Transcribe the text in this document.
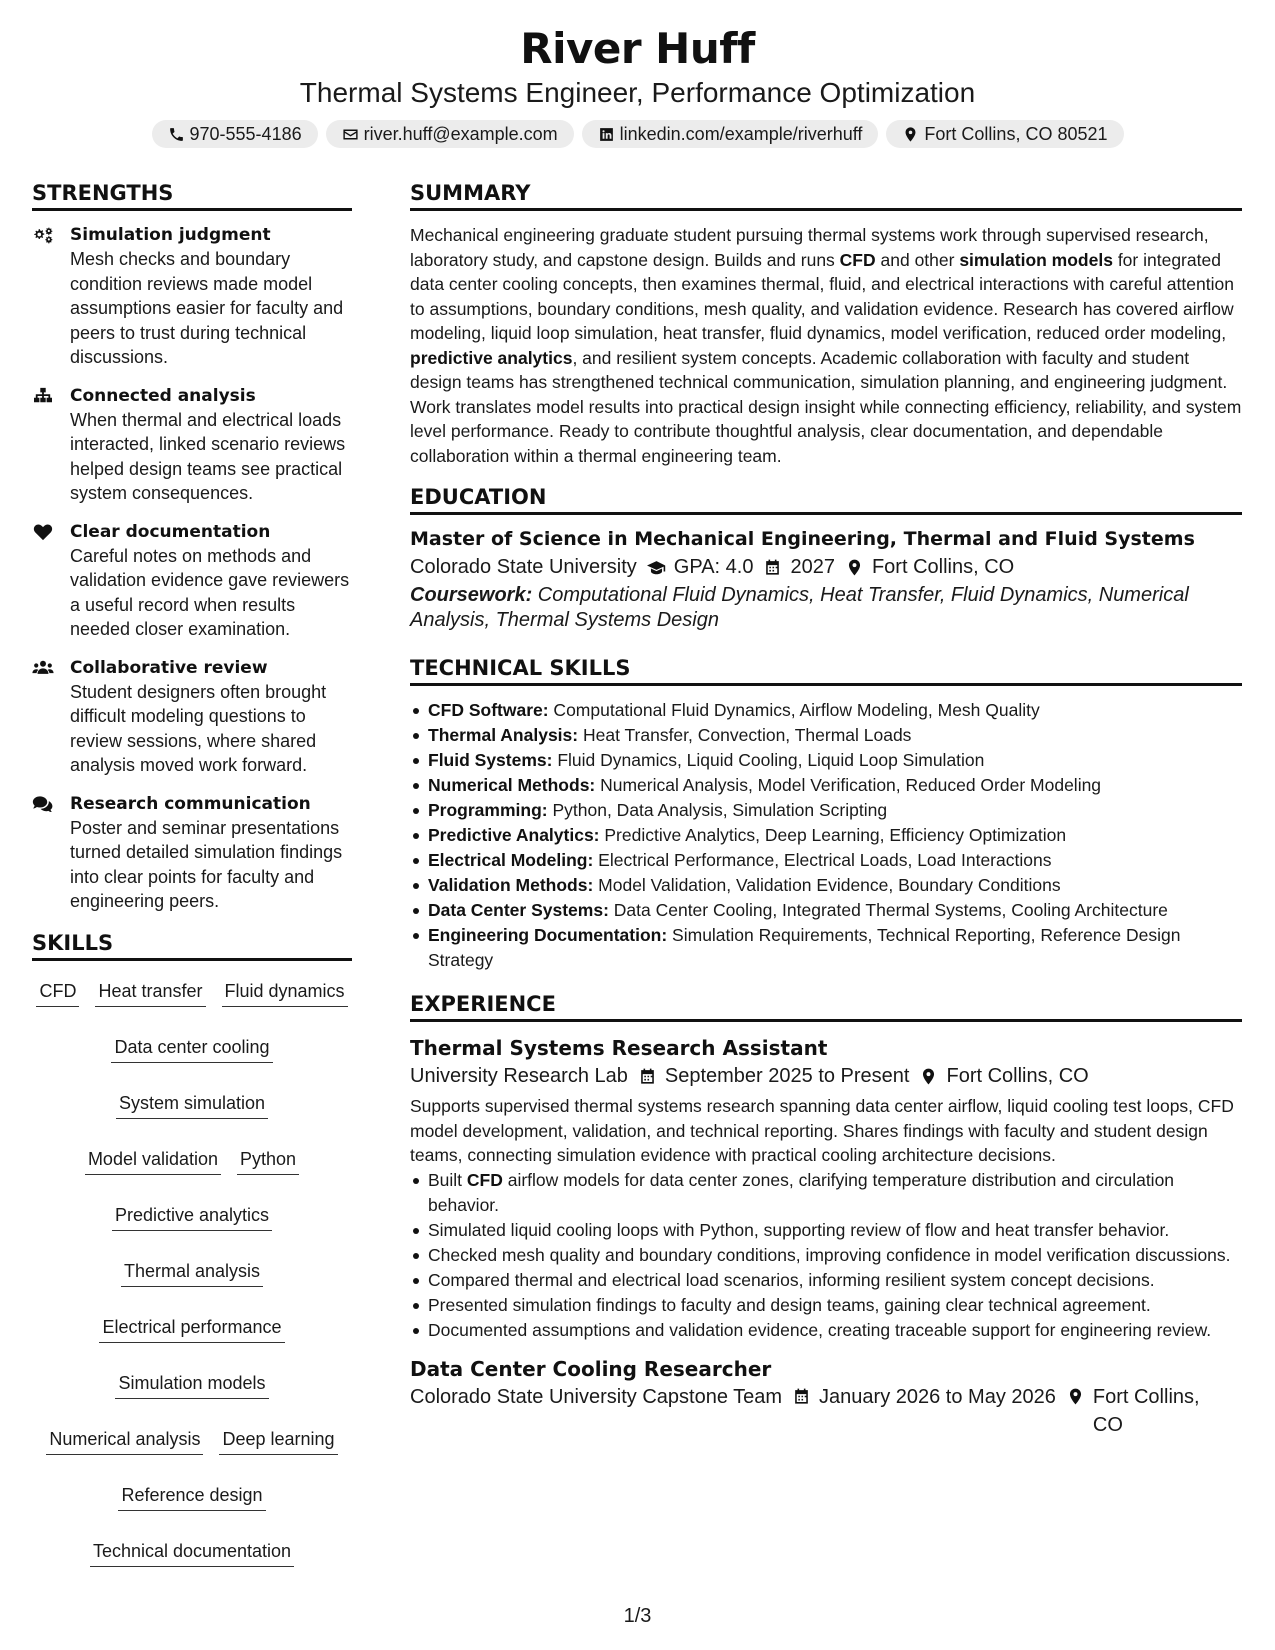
River Huff
Thermal Systems Engineer, Performance Optimization
970-555-4186	river.huff@example.com	linkedin.com/example/riverhuff	Fort Collins, CO 80521
STRENGTHS
Simulation judgment
Mesh checks and boundary condition reviews made model assumptions easier for faculty and peers to trust during technical discussions.
Connected analysis
When thermal and electrical loads interacted, linked scenario reviews helped design teams see practical system consequences.
Clear documentation
Careful notes on methods and validation evidence gave reviewers a useful record when results needed closer examination.
Collaborative review
Student designers often brought difficult modeling questions to review sessions, where shared analysis moved work forward.
Research communication
Poster and seminar presentations turned detailed simulation findings into clear points for faculty and engineering peers.
SKILLS
CFD Heat transfer Fluid dynamics
Data center cooling
System simulation
Model validation Python
Predictive analytics
Thermal analysis
Electrical performance
Simulation models
Numerical analysis Deep learning
Reference design
Technical documentation
SUMMARY

Mechanical engineering graduate student pursuing thermal systems work through supervised research, laboratory study, and capstone design. Builds and runs CFD and other simulation models for integrated data center cooling concepts, then examines thermal, fluid, and electrical interactions with careful attention to assumptions, boundary conditions, mesh quality, and validation evidence. Research has covered airflow modeling, liquid loop simulation, heat transfer, fluid dynamics, model verification, reduced order modeling, predictive analytics, and resilient system concepts. Academic collaboration with faculty and student design teams has strengthened technical communication, simulation planning, and engineering judgment. Work translates model results into practical design insight while connecting efficiency, reliability, and system level performance. Ready to contribute thoughtful analysis, clear documentation, and dependable collaboration within a thermal engineering team.

EDUCATION
Master of Science in Mechanical Engineering, Thermal and Fluid Systems
Colorado State University GPA: 4.0 2027 Fort Collins, CO
Coursework: Computational Fluid Dynamics, Heat Transfer, Fluid Dynamics, Numerical Analysis, Thermal Systems Design
TECHNICAL SKILLS
CFD Software: Computational Fluid Dynamics, Airflow Modeling, Mesh Quality
Thermal Analysis: Heat Transfer, Convection, Thermal Loads
Fluid Systems: Fluid Dynamics, Liquid Cooling, Liquid Loop Simulation
Numerical Methods: Numerical Analysis, Model Verification, Reduced Order Modeling
Programming: Python, Data Analysis, Simulation Scripting
Predictive Analytics: Predictive Analytics, Deep Learning, Efficiency Optimization
Electrical Modeling: Electrical Performance, Electrical Loads, Load Interactions
Validation Methods: Model Validation, Validation Evidence, Boundary Conditions
Data Center Systems: Data Center Cooling, Integrated Thermal Systems, Cooling Architecture
Engineering Documentation: Simulation Requirements, Technical Reporting, Reference Design Strategy
EXPERIENCE
Thermal Systems Research Assistant
University Research Lab September 2025 to Present Fort Collins, CO

Supports supervised thermal systems research spanning data center airflow, liquid cooling test loops, CFD model development, validation, and technical reporting. Shares findings with faculty and student design teams, connecting simulation evidence with practical cooling architecture decisions.

Built CFD airflow models for data center zones, clarifying temperature distribution and circulation behavior.
Simulated liquid cooling loops with Python, supporting review of flow and heat transfer behavior.
Checked mesh quality and boundary conditions, improving confidence in model verification discussions.
Compared thermal and electrical load scenarios, informing resilient system concept decisions.
Presented simulation findings to faculty and design teams, gaining clear technical agreement.
Documented assumptions and validation evidence, creating traceable support for engineering review.
Data Center Cooling Researcher
Colorado State University Capstone Team January 2026 to May 2026 Fort Collins, CO
1/3
